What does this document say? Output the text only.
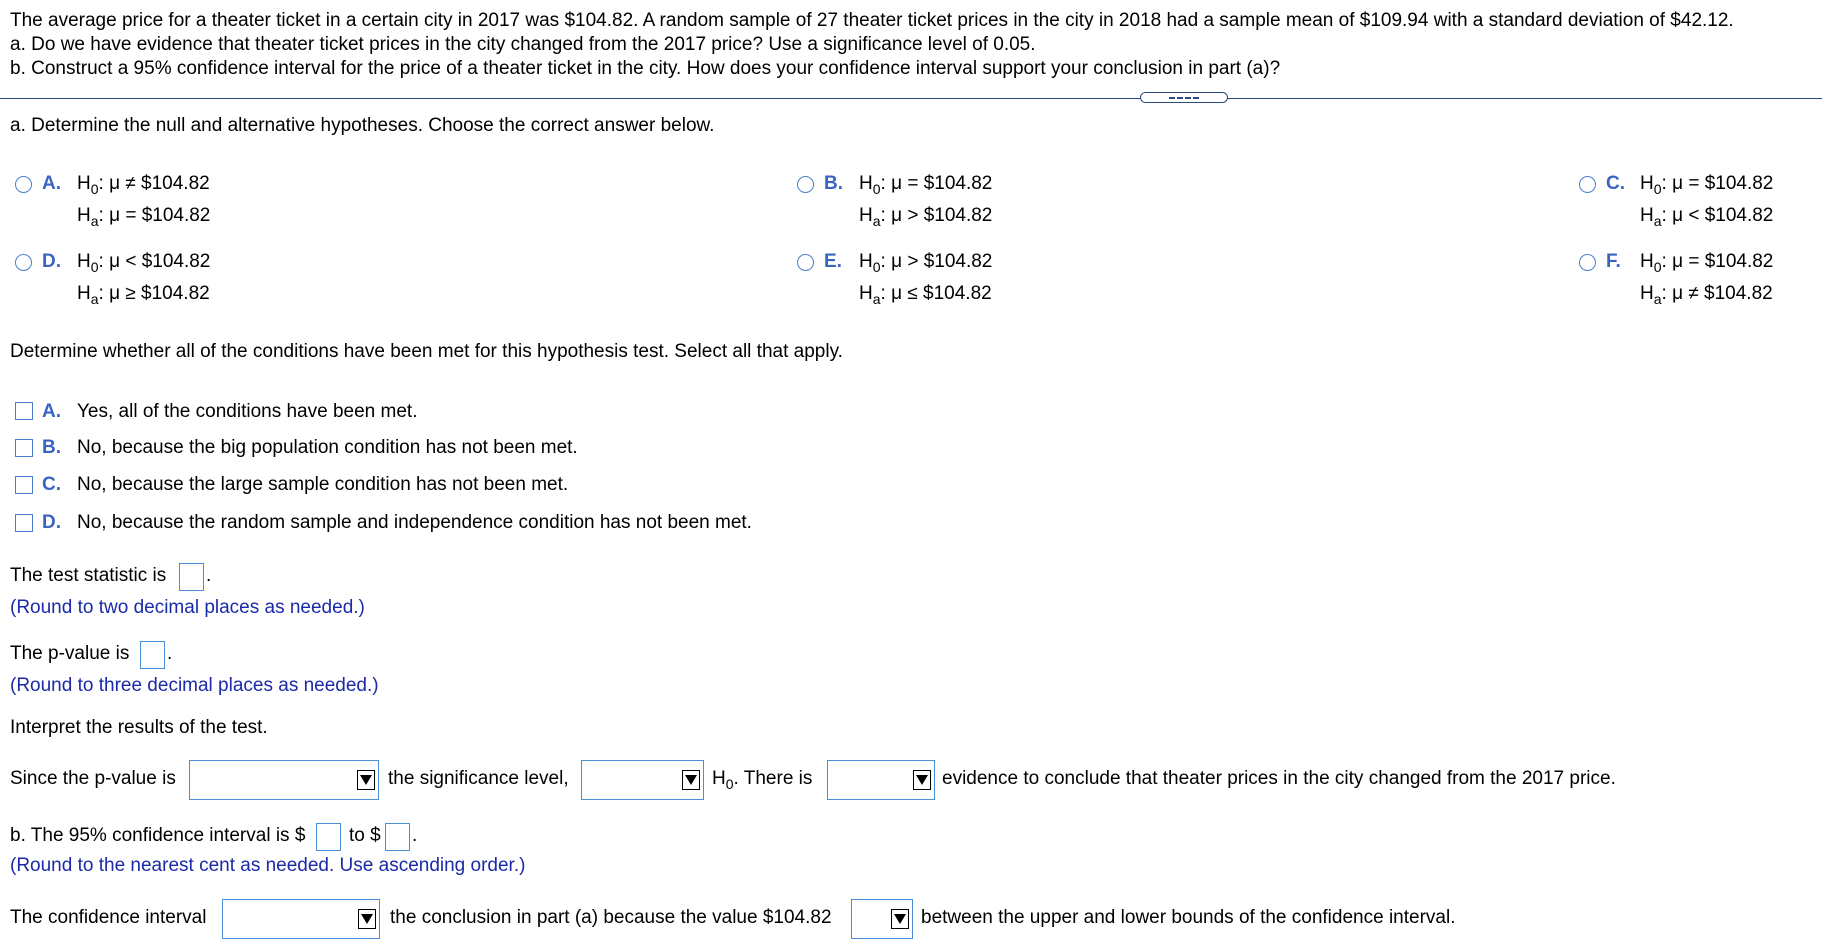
The average price for a theater ticket in a certain city in 2017 was $104.82. A random sample of 27 theater ticket prices in the city in 2018 had a sample mean of $109.94 with a standard deviation of $42.12.
a. Do we have evidence that theater ticket prices in the city changed from the 2017 price? Use a significance level of 0.05.
b. Construct a 95% confidence interval for the price of a theater ticket in the city. How does your confidence interval support your conclusion in part (a)?
a. Determine the null and alternative hypotheses. Choose the correct answer below.
A. $H_0$: μ ≠ $104.82
$H_a$: μ = $104.82
B. $H_0$: μ = $104.82
$H_a$: μ > $104.82
C. $H_0$: μ = $104.82
$H_a$: μ < $104.82
D. $H_0$: μ < $104.82
$H_a$: μ ≥ $104.82
E. $H_0$: μ > $104.82
$H_a$: μ ≤ $104.82
F. $H_0$: μ = $104.82
$H_a$: μ ≠ $104.82
Determine whether all of the conditions have been met for this hypothesis test. Select all that apply.
A. Yes, all of the conditions have been met.
B. No, because the big population condition has not been met.
C. No, because the large sample condition has not been met.
D. No, because the random sample and independence condition has not been met.
The test statistic is .
(Round to two decimal places as needed.)
The p-value is .
(Round to three decimal places as needed.)
Interpret the results of the test.
Since the p-value is	the significance level,	$H_0$. There is	evidence to conclude that theater prices in the city changed from the 2017 price.
b. The 95% confidence interval is $ to $ .
(Round to the nearest cent as needed. Use ascending order.)
The confidence interval	the conclusion in part (a) because the value $104.82	between the upper and lower bounds of the confidence interval.
